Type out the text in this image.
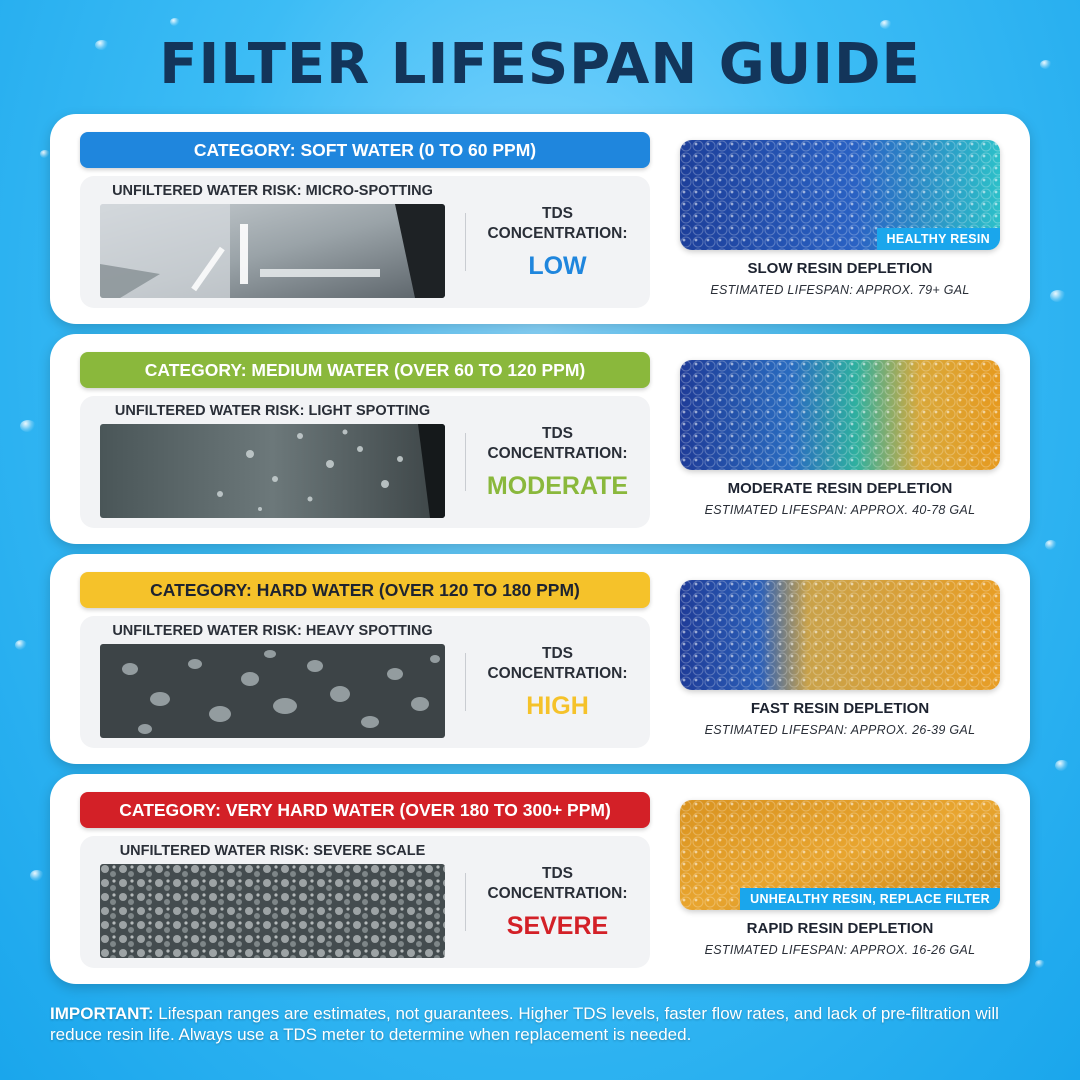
FILTER LIFESPAN GUIDE
CATEGORY: SOFT WATER (0 TO 60 PPM)
UNFILTERED WATER RISK: MICRO-SPOTTING
TDS CONCENTRATION:
LOW
HEALTHY RESIN
SLOW RESIN DEPLETION
ESTIMATED LIFESPAN: APPROX. 79+ GAL
CATEGORY: MEDIUM WATER (OVER 60 TO 120 PPM)
UNFILTERED WATER RISK: LIGHT SPOTTING
TDS CONCENTRATION:
MODERATE	MODERATE RESIN DEPLETION
ESTIMATED LIFESPAN: APPROX. 40-78 GAL
CATEGORY: HARD WATER (OVER 120 TO 180 PPM)
UNFILTERED WATER RISK: HEAVY SPOTTING
TDS CONCENTRATION:
HIGH	FAST RESIN DEPLETION
ESTIMATED LIFESPAN: APPROX. 26-39 GAL
CATEGORY: VERY HARD WATER (OVER 180 TO 300+ PPM)
UNFILTERED WATER RISK: SEVERE SCALE
TDS CONCENTRATION:
SEVERE
UNHEALTHY RESIN, REPLACE FILTER
RAPID RESIN DEPLETION
ESTIMATED LIFESPAN: APPROX. 16-26 GAL
IMPORTANT: Lifespan ranges are estimates, not guarantees. Higher TDS levels, faster flow rates, and lack of pre-filtration will reduce resin life. Always use a TDS meter to determine when replacement is needed.
